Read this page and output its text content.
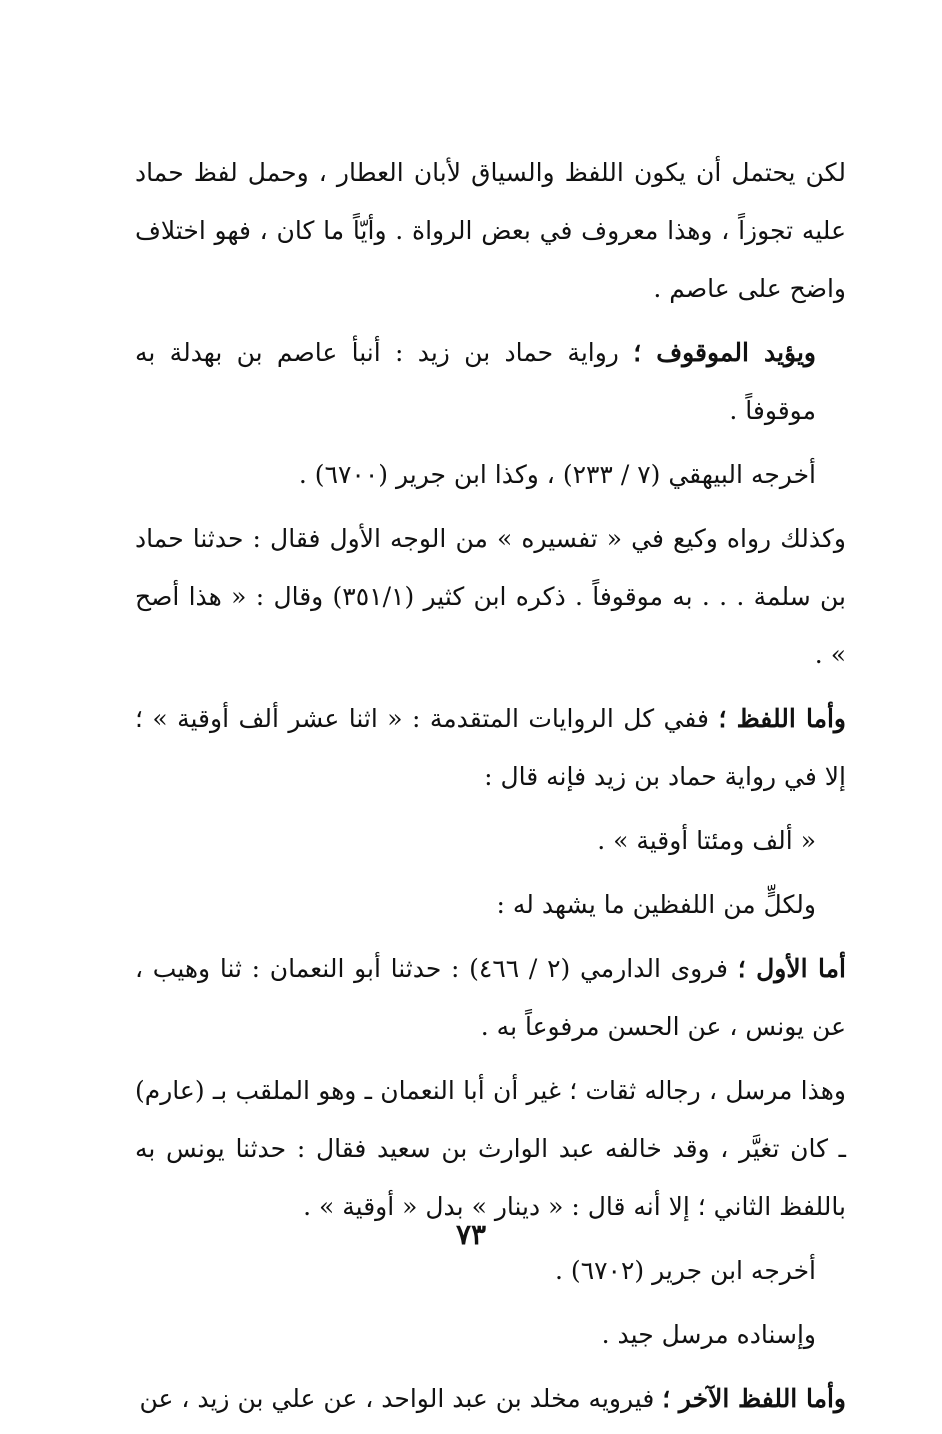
لكن يحتمل أن يكون اللفظ والسياق لأبان العطار ، وحمل لفظ حماد عليه تجوزاً ، وهذا معروف في بعض الرواة . وأيّاً ما كان ، فهو اختلاف واضح على عاصم .

ويؤيد الموقوف ؛ رواية حماد بن زيد : أنبأ عاصم بن بهدلة به موقوفاً .

أخرجه البيهقي (٧ / ٢٣٣) ، وكذا ابن جرير (٦٧٠٠) .

وكذلك رواه وكيع في « تفسيره » من الوجه الأول فقال : حدثنا حماد بن سلمة . . . به موقوفاً . ذكره ابن كثير (٣٥١/١) وقال : « هذا أصح » .

وأما اللفظ ؛ ففي كل الروايات المتقدمة : « اثنا عشر ألف أوقية » ؛ إلا في رواية حماد بن زيد فإنه قال :

« ألف ومئتا أوقية » .

ولكلٍّ من اللفظين ما يشهد له :

أما الأول ؛ فروى الدارمي (٢ / ٤٦٦) : حدثنا أبو النعمان : ثنا وهيب ، عن يونس ، عن الحسن مرفوعاً به .

وهذا مرسل ، رجاله ثقات ؛ غير أن أبا النعمان ـ وهو الملقب بـ (عارم) ـ كان تغيَّر ، وقد خالفه عبد الوارث بن سعيد فقال : حدثنا يونس به باللفظ الثاني ؛ إلا أنه قال : « دينار » بدل « أوقية » .

أخرجه ابن جرير (٦٧٠٢) .

وإسناده مرسل جيد .

وأما اللفظ الآخر ؛ فيرويه مخلد بن عبد الواحد ، عن علي بن زيد ، عن

٧٣
